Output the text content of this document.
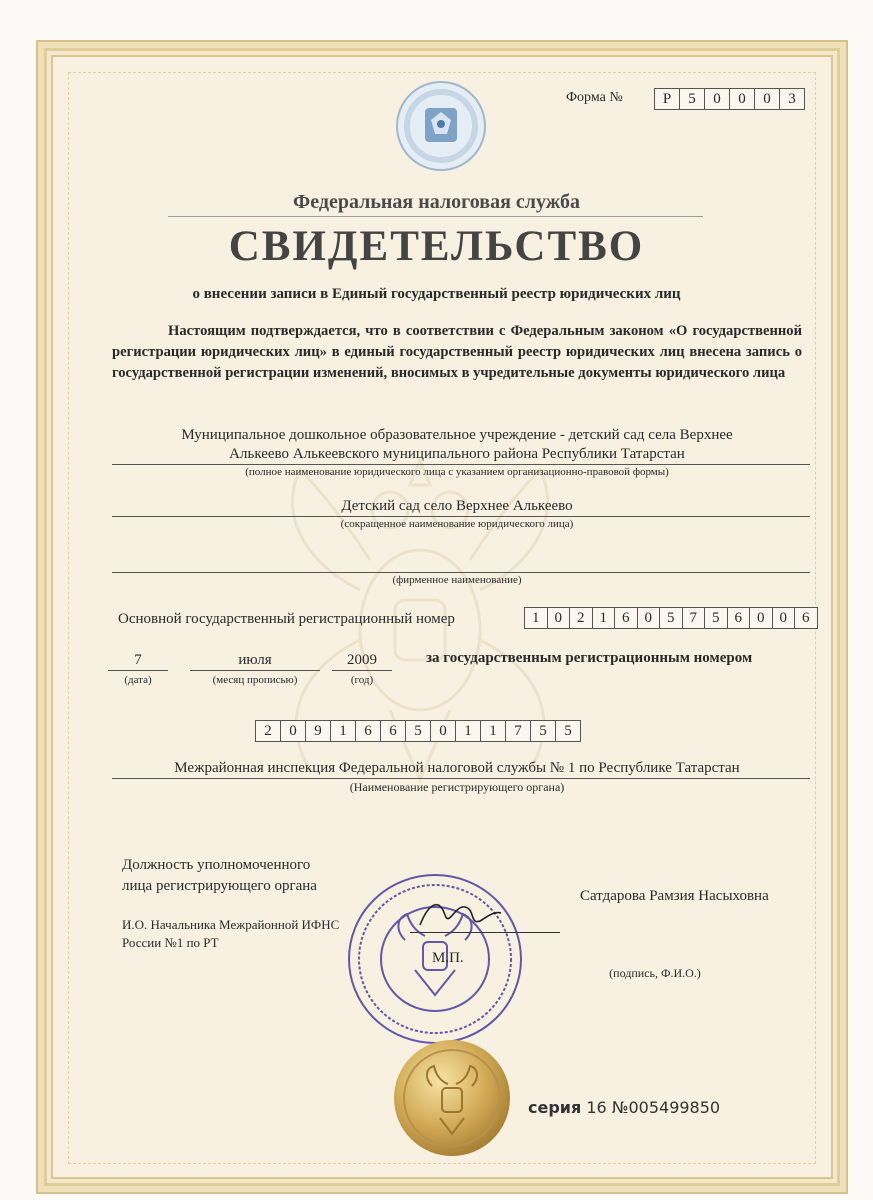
Форма №	Р	5	0	0	0	3
Федеральная налоговая служба
СВИДЕТЕЛЬСТВО
о внесении записи в Единый государственный реестр юридических лиц
Настоящим подтверждается, что в соответствии с Федеральным законом «О государственной регистрации юридических лиц» в единый государственный реестр юридических лиц внесена запись о государственной регистрации изменений, вносимых в учредительные документы юридического лица
Муниципальное дошкольное образовательное учреждение - детский сад села Верхнее
Алькеево Алькеевского муниципального района Республики Татарстан
(полное наименование юридического лица с указанием организационно-правовой формы)
Детский сад село Верхнее Алькеево
(сокращенное наименование юридического лица)
(фирменное наименование)
Основной государственный регистрационный номер	1	0	2	1	6	0	5	7	5	6	0	0	6
7
(дата)
июля
(месяц прописью)
2009
(год)
за государственным регистрационным номером
2	0	9	1	6	6	5	0	1	1	7	5	5
Межрайонная инспекция Федеральной налоговой службы № 1 по Республике Татарстан
(Наименование регистрирующего органа)
Должность уполномоченного
лица регистрирующего органа
И.О. Начальника Межрайонной ИФНС
России №1 по РТ
М.П.
Сатдарова Рамзия Насыховна
(подпись, Ф.И.О.)
серия 16 №005499850
